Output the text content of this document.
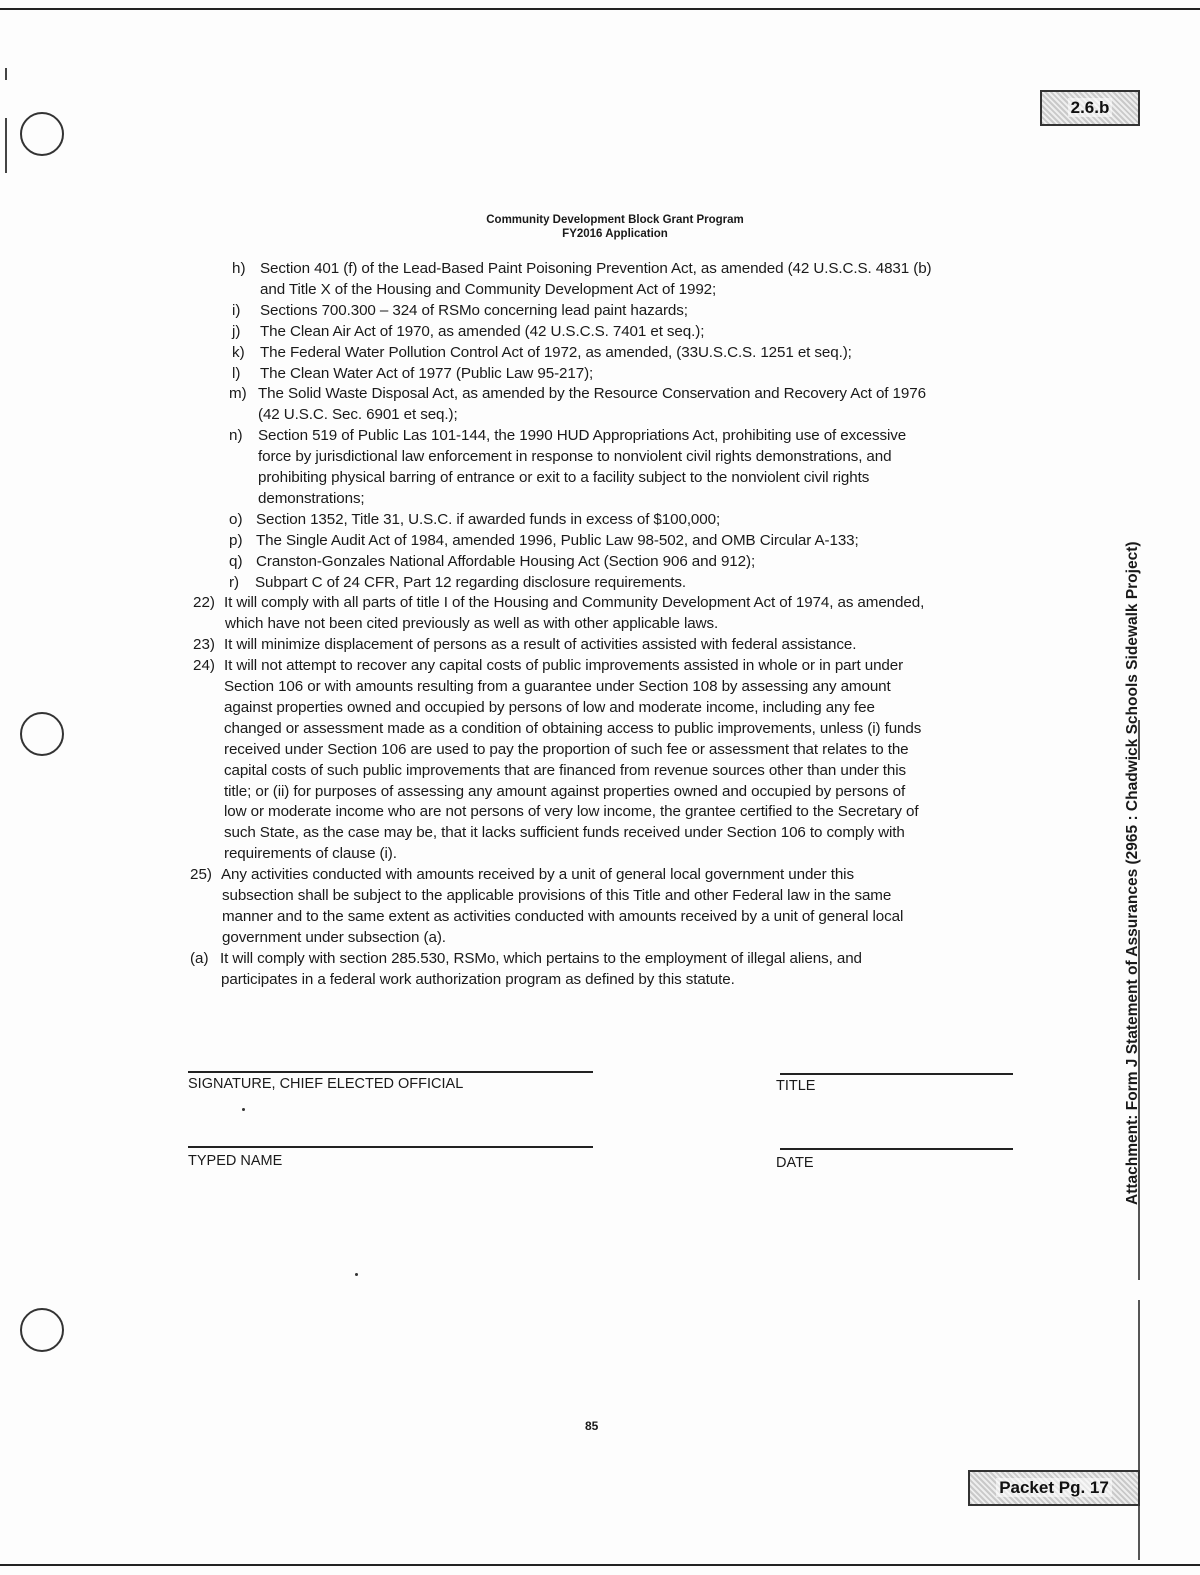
2.6.b
Packet Pg. 17
Community Development Block Grant Program
FY2016 Application
h) Section 401 (f) of the Lead-Based Paint Poisoning Prevention Act, as amended (42 U.S.C.S. 4831 (b)
and Title X of the Housing and Community Development Act of 1992;
i) Sections 700.300 – 324 of RSMo concerning lead paint hazards;
j) The Clean Air Act of 1970, as amended (42 U.S.C.S. 7401 et seq.);
k) The Federal Water Pollution Control Act of 1972, as amended, (33U.S.C.S. 1251 et seq.);
l) The Clean Water Act of 1977 (Public Law 95-217);
m) The Solid Waste Disposal Act, as amended by the Resource Conservation and Recovery Act of 1976
(42 U.S.C. Sec. 6901 et seq.);
n) Section 519 of Public Las 101-144, the 1990 HUD Appropriations Act, prohibiting use of excessive
force by jurisdictional law enforcement in response to nonviolent civil rights demonstrations, and
prohibiting physical barring of entrance or exit to a facility subject to the nonviolent civil rights
demonstrations;
o) Section 1352, Title 31, U.S.C. if awarded funds in excess of $100,000;
p) The Single Audit Act of 1984, amended 1996, Public Law 98-502, and OMB Circular A-133;
q) Cranston-Gonzales National Affordable Housing Act (Section 906 and 912);
r) Subpart C of 24 CFR, Part 12 regarding disclosure requirements.
22) It will comply with all parts of title I of the Housing and Community Development Act of 1974, as amended,
which have not been cited previously as well as with other applicable laws.
23) It will minimize displacement of persons as a result of activities assisted with federal assistance.
24) It will not attempt to recover any capital costs of public improvements assisted in whole or in part under
Section 106 or with amounts resulting from a guarantee under Section 108 by assessing any amount
against properties owned and occupied by persons of low and moderate income, including any fee
changed or assessment made as a condition of obtaining access to public improvements, unless (i) funds
received under Section 106 are used to pay the proportion of such fee or assessment that relates to the
capital costs of such public improvements that are financed from revenue sources other than under this
title; or (ii) for purposes of assessing any amount against properties owned and occupied by persons of
low or moderate income who are not persons of very low income, the grantee certified to the Secretary of
such State, as the case may be, that it lacks sufficient funds received under Section 106 to comply with
requirements of clause (i).
25) Any activities conducted with amounts received by a unit of general local government under this
subsection shall be subject to the applicable provisions of this Title and other Federal law in the same
manner and to the same extent as activities conducted with amounts received by a unit of general local
government under subsection (a).
(a) It will comply with section 285.530, RSMo, which pertains to the employment of illegal aliens, and
participates in a federal work authorization program as defined by this statute.
SIGNATURE, CHIEF ELECTED OFFICIAL	TITLE
TYPED NAME	DATE	Attachment: Form J Statement of Assurances (2965 : Chadwick Schools Sidewalk Project)
85
